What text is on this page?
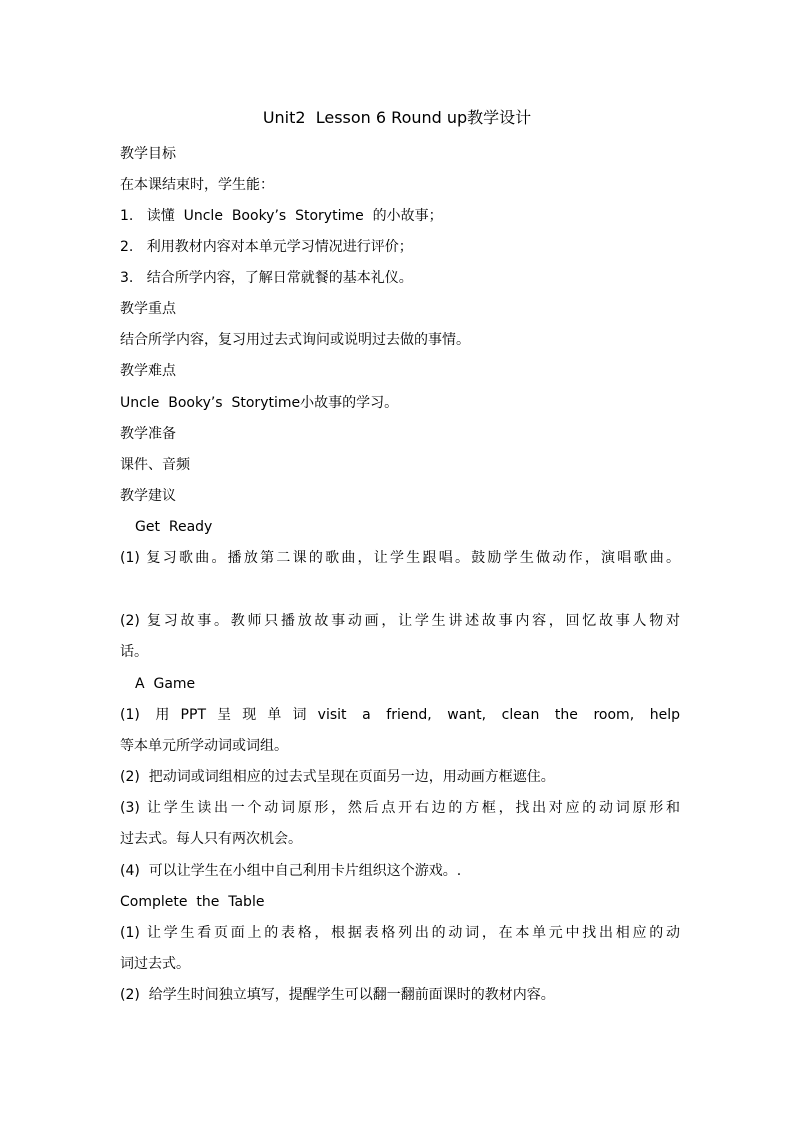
Unit2  Lesson 6 Round up教学设计
教学目标
在本课结束时，学生能：
1.   读懂  Uncle  Booky’s  Storytime  的小故事；
2.   利用教材内容对本单元学习情况进行评价；
3.   结合所学内容，了解日常就餐的基本礼仪。
教学重点
结合所学内容，复习用过去式询问或说明过去做的事情。
教学难点
Uncle  Booky’s  Storytime小故事的学习。
教学准备
课件、音频
教学建议
Get  Ready
(1) 复习歌曲。播放第二课的歌曲，让学生跟唱。鼓励学生做动作，演唱歌曲。
(2) 复习故事。教师只播放故事动画，让学生讲述故事内容，回忆故事人物对
话。
A  Game
(1) 用PPT呈现单词visit a friend, want, clean the room, help
等本单元所学动词或词组。
(2)  把动词或词组相应的过去式呈现在页面另一边，用动画方框遮住。
(3) 让学生读出一个动词原形，然后点开右边的方框，找出对应的动词原形和
过去式。每人只有两次机会。
(4)  可以让学生在小组中自己利用卡片组织这个游戏。.
Complete  the  Table
(1) 让学生看页面上的表格，根据表格列出的动词，在本单元中找出相应的动
词过去式。
(2)  给学生时间独立填写，提醒学生可以翻一翻前面课时的教材内容。
